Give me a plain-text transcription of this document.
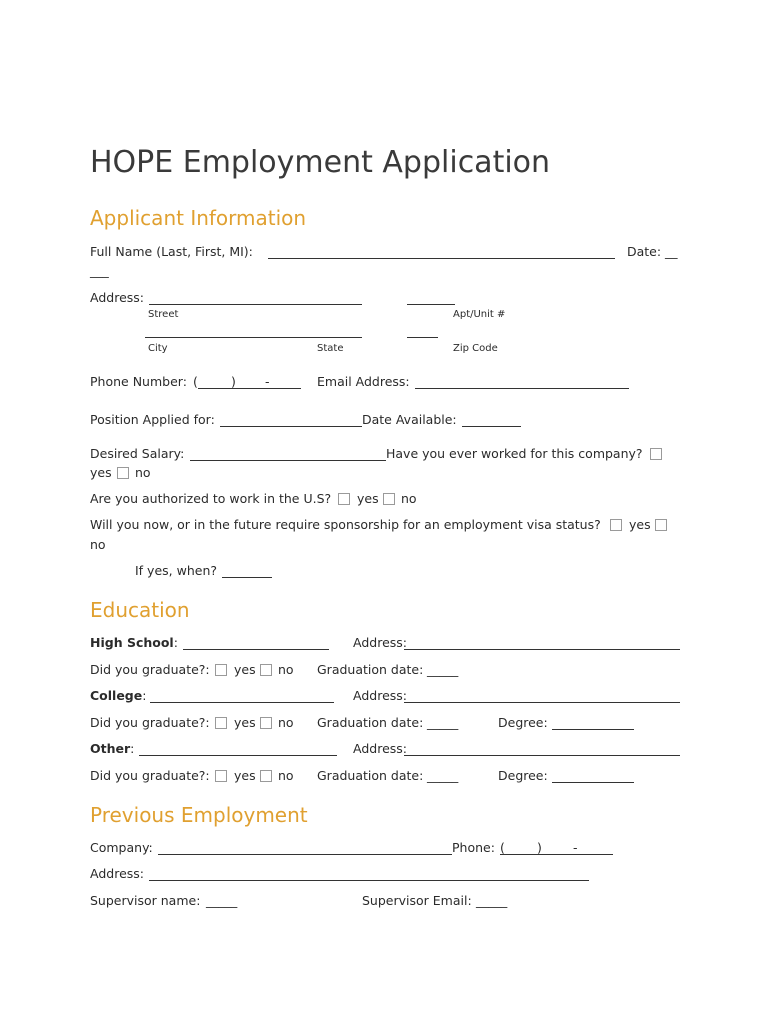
HOPE Employment Application
Applicant Information
Full Name (Last, First, MI):	Date: __
___
Address:
Street	Apt/Unit #
City	State	Zip Code
Phone Number: (	) -	Email Address:
Position Applied for:	Date Available:
Desired Salary:	Have you ever worked for this company?
yes no
Are you authorized to work in the U.S? yes no
Will you now, or in the future require sponsorship for an employment visa status? yes
no
If yes, when?
Education
High School:	Address:
Did you graduate?: yes no Graduation date: _____
College:	Address:
Did you graduate?: yes no Graduation date: _____	Degree:
Other:	Address:
Did you graduate?: yes no Graduation date: _____	Degree:
Previous Employment
Company:	Phone: (	) -
Address:
Supervisor name: _____	Supervisor Email: _____
